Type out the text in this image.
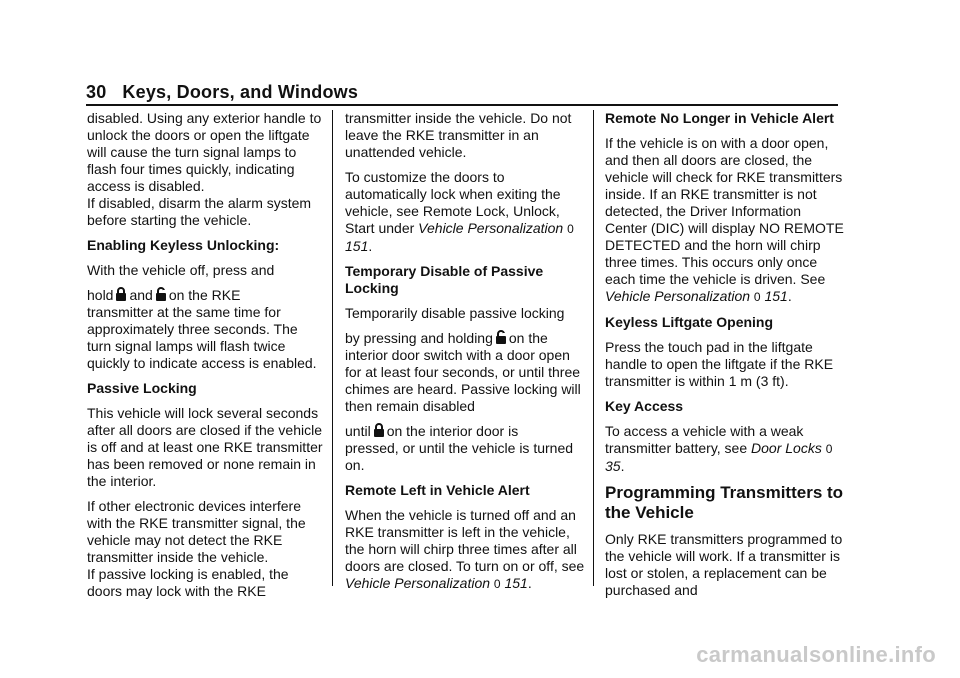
30 Keys, Doors, and Windows

disabled. Using any exterior handle to unlock the doors or open the liftgate will cause the turn signal lamps to flash four times quickly, indicating access is disabled.

If disabled, disarm the alarm system before starting the vehicle.

Enabling Keyless Unlocking:

With the vehicle off, press and

hold and on the RKE

transmitter at the same time for approximately three seconds. The turn signal lamps will flash twice quickly to indicate access is enabled.

Passive Locking

This vehicle will lock several seconds after all doors are closed if the vehicle is off and at least one RKE transmitter has been removed or none remain in the interior.

If other electronic devices interfere with the RKE transmitter signal, the vehicle may not detect the RKE transmitter inside the vehicle.

If passive locking is enabled, the doors may lock with the RKE

transmitter inside the vehicle. Do not leave the RKE transmitter in an unattended vehicle.

To customize the doors to automatically lock when exiting the vehicle, see Remote Lock, Unlock, Start under Vehicle Personalization 0 151.

Temporary Disable of Passive Locking

Temporarily disable passive locking

by pressing and holding on the

interior door switch with a door open for at least four seconds, or until three chimes are heard. Passive locking will then remain disabled

until on the interior door is

pressed, or until the vehicle is turned on.

Remote Left in Vehicle Alert

When the vehicle is turned off and an RKE transmitter is left in the vehicle, the horn will chirp three times after all doors are closed. To turn on or off, see Vehicle Personalization 0 151.

Remote No Longer in Vehicle Alert

If the vehicle is on with a door open, and then all doors are closed, the vehicle will check for RKE transmitters inside. If an RKE transmitter is not detected, the Driver Information Center (DIC) will display NO REMOTE DETECTED and the horn will chirp three times. This occurs only once each time the vehicle is driven. See Vehicle Personalization 0 151.

Keyless Liftgate Opening

Press the touch pad in the liftgate handle to open the liftgate if the RKE transmitter is within 1 m (3 ft).

Key Access

To access a vehicle with a weak transmitter battery, see Door Locks 0 35.

Programming Transmitters to the Vehicle

Only RKE transmitters programmed to the vehicle will work. If a transmitter is lost or stolen, a replacement can be purchased and

carmanualsonline.info
